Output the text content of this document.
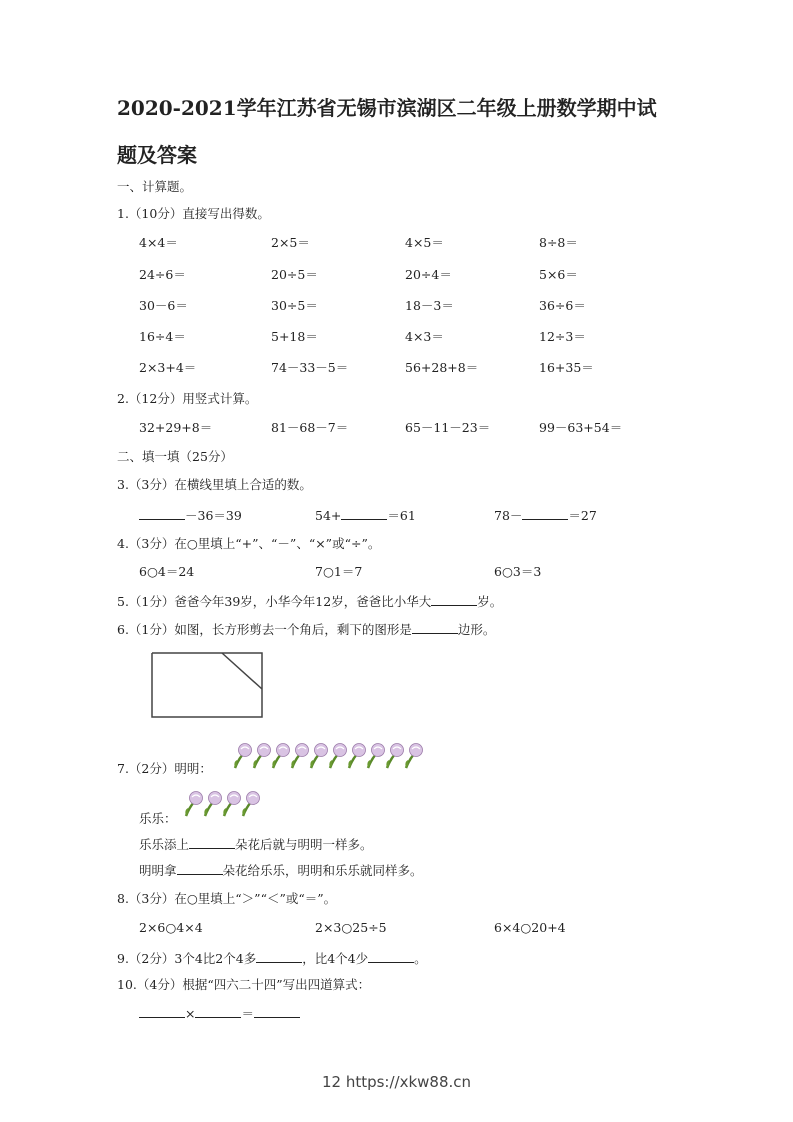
2020-2021学年江苏省无锡市滨湖区二年级上册数学期中试
题及答案
一、计算题。
1.（10分）直接写出得数。
4×4＝	2×5＝	4×5＝	8÷8＝
24÷6＝	20÷5＝	20÷4＝	5×6＝
30－6＝	30÷5＝	18－3＝	36÷6＝
16÷4＝	5+18＝	4×3＝	12÷3＝
2×3+4＝	74－33－5＝	56+28+8＝	16+35＝
2.（12分）用竖式计算。
32+29+8＝	81－68－7＝	65－11－23＝	99－63+54＝
二、填一填（25分）
3.（3分）在横线里填上合适的数。
－36＝39	54+	＝61	78－	＝27
4.（3分）在○里填上“+”、“－”、“×”或“÷”。
6○4＝24	7○1＝7	6○3＝3
5.（1分）爸爸今年39岁，小华今年12岁，爸爸比小华大	岁。
6.（1分）如图，长方形剪去一个角后，剩下的图形是	边形。
7.（2分）明明：
乐乐：
乐乐添上	朵花后就与明明一样多。
明明拿	朵花给乐乐，明明和乐乐就同样多。
8.（3分）在○里填上“＞”“＜”或“＝”。
2×6○4×4	2×3○25÷5	6×4○20+4
9.（2分）3个4比2个4多	，比4个4少	。
10.（4分）根据“四六二十四”写出四道算式：
×	＝
12 https://xkw88.cn
